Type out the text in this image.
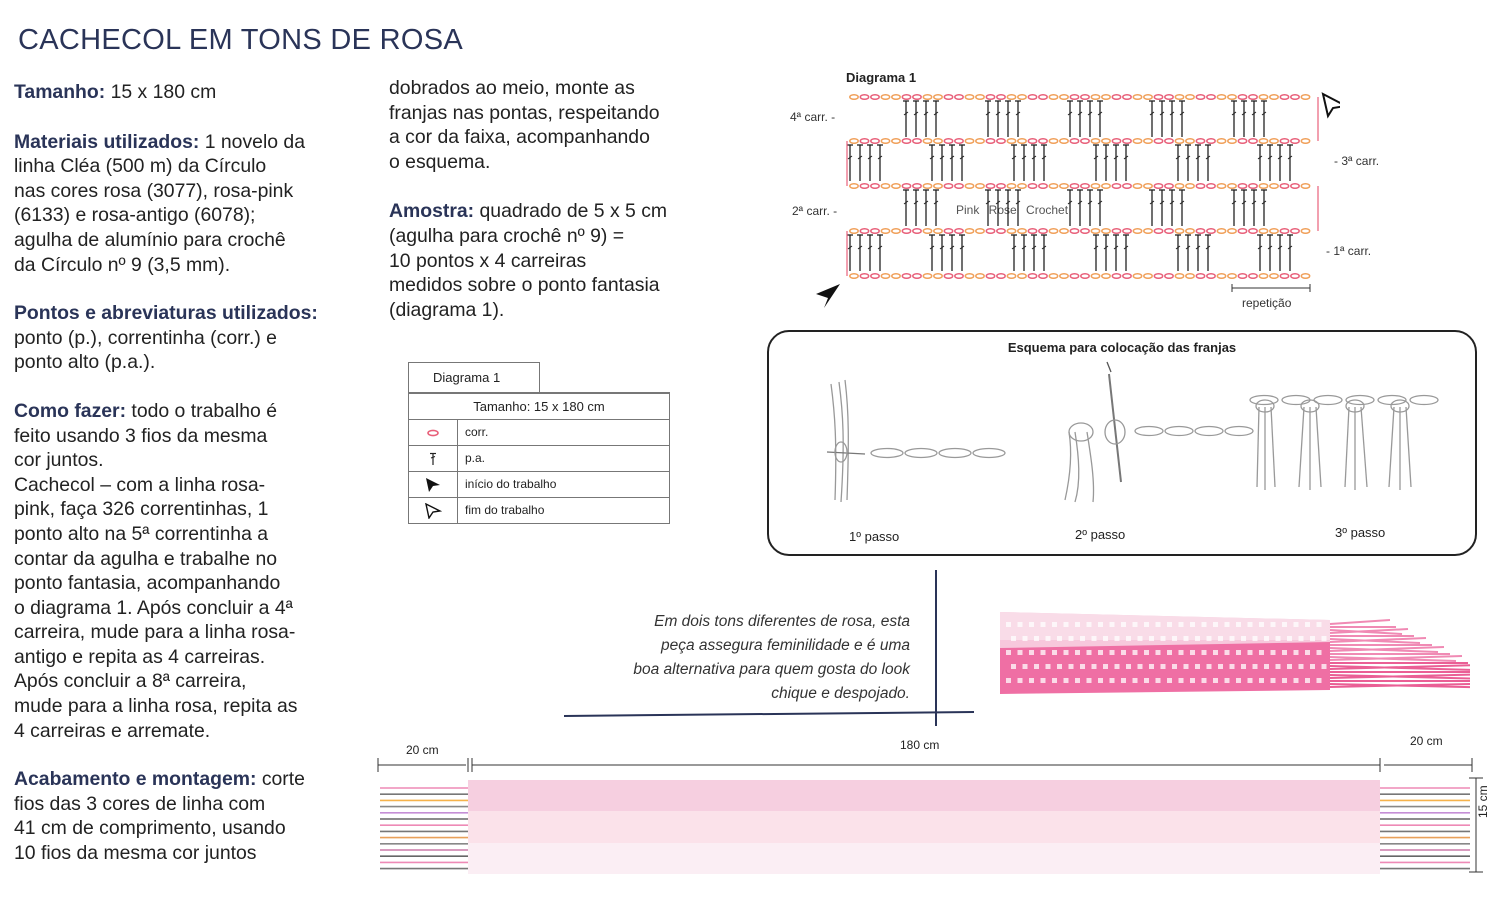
CACHECOL EM TONS DE ROSA
Tamanho: 15 x 180 cm
Materiais utilizados: 1 novelo da
linha Cléa (500 m) da Círculo
nas cores rosa (3077), rosa-pink
(6133) e rosa-antigo (6078);
agulha de alumínio para crochê
da Círculo nº 9 (3,5 mm).
Pontos e abreviaturas utilizados:
ponto (p.), correntinha (corr.) e
ponto alto (p.a.).
Como fazer: todo o trabalho é
feito usando 3 fios da mesma
cor juntos.
Cachecol – com a linha rosa-
pink, faça 326 correntinhas, 1
ponto alto na 5ª correntinha a
contar da agulha e trabalhe no
ponto fantasia, acompanhando
o diagrama 1. Após concluir a 4ª
carreira, mude para a linha rosa-
antigo e repita as 4 carreiras.
Após concluir a 8ª carreira,
mude para a linha rosa, repita as
4 carreiras e arremate.
Acabamento e montagem: corte
fios das 3 cores de linha com
41 cm de comprimento, usando
10 fios da mesma cor juntos
dobrados ao meio, monte as
franjas nas pontas, respeitando
a cor da faixa, acompanhando
o esquema.
Amostra: quadrado de 5 x 5 cm
(agulha para crochê nº 9) =
10 pontos x 4 carreiras
medidos sobre o ponto fantasia
(diagrama 1).
Diagrama 1
Tamanho: 15 x 180 cm
corr.
p.a.
início do trabalho
fim do trabalho
Diagrama 1
4ª carr. -
- 3ª carr.
2ª carr. -
- 1ª carr.
repetição
Pink Rose Crochet
Esquema para colocação das franjas
1º passo	2º passo	3º passo
Em dois tons diferentes de rosa, esta
peça assegura feminilidade e é uma
boa alternativa para quem gosta do look
chique e despojado.
20 cm	180 cm	20 cm
15 cm
